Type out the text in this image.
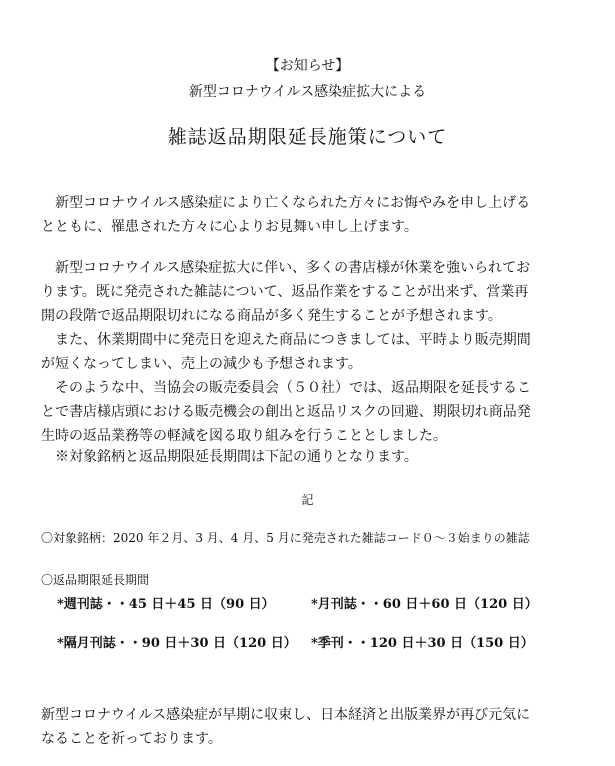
【お知らせ】
新型コロナウイルス感染症拡大による
雑誌返品期限延長施策について
　新型コロナウイルス感染症により亡くなられた方々にお悔やみを申し上げる
とともに、罹患された方々に心よりお見舞い申し上げます。
　新型コロナウイルス感染症拡大に伴い、多くの書店様が休業を強いられてお
ります。既に発売された雑誌について、返品作業をすることが出来ず、営業再
開の段階で返品期限切れになる商品が多く発生することが予想されます。
　また、休業期間中に発売日を迎えた商品につきましては、平時より販売期間
が短くなってしまい、売上の減少も予想されます。
　そのような中、当協会の販売委員会（５０社）では、返品期限を延長するこ
とで書店様店頭における販売機会の創出と返品リスクの回避、期限切れ商品発
生時の返品業務等の軽減を図る取り組みを行うこととしました。
　※対象銘柄と返品期限延長期間は下記の通りとなります。
記
〇対象銘柄：2020 年２月、3 月、4 月、5 月に発売された雑誌コード０～３始まりの雑誌
〇返品期限延長期間
*週刊誌・・45 日＋45 日（90 日）	*月刊誌・・60 日＋60 日（120 日）
*隔月刊誌・・90 日＋30 日（120 日） *季刊・・120 日＋30 日（150 日）
新型コロナウイルス感染症が早期に収束し、日本経済と出版業界が再び元気に
なることを祈っております。
